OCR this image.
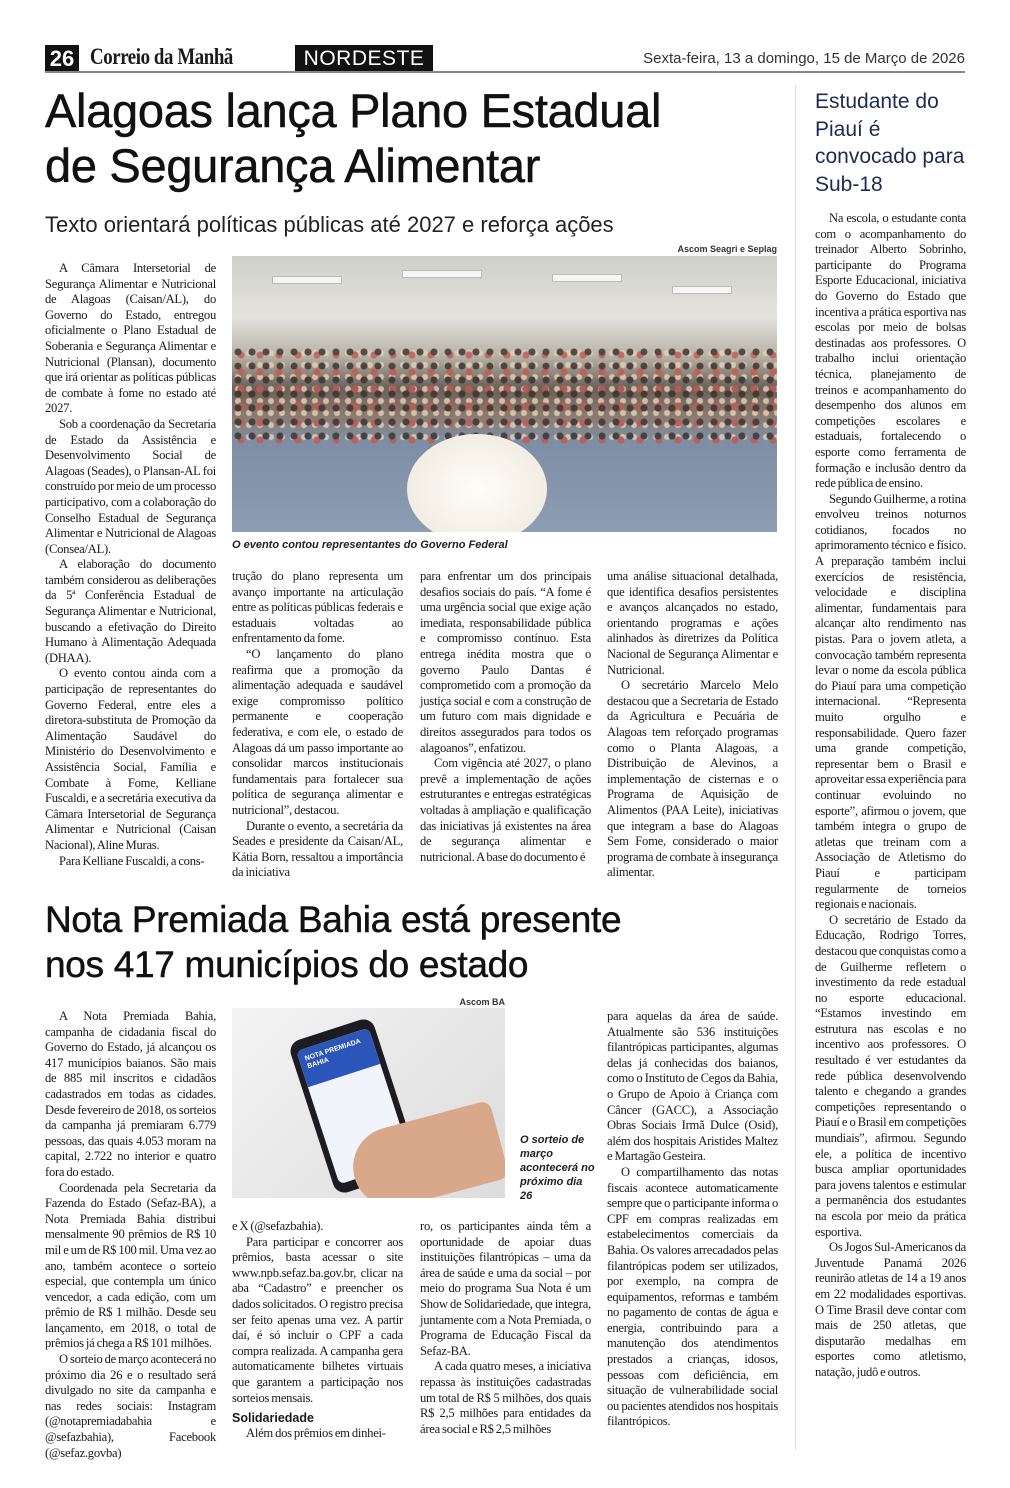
26 Correio da Manhã	NORDESTE	Sexta-feira, 13 a domingo, 15 de Março de 2026
Alagoas lança Plano Estadual
de Segurança Alimentar
Texto orientará políticas públicas até 2027 e reforça ações
Ascom Seagri e Seplag
O evento contou representantes do Governo Federal

A Câmara Intersetorial de Segurança Alimentar e Nutricional de Alagoas (Caisan/AL), do Governo do Estado, entregou oficialmente o Plano Estadual de Soberania e Segurança Alimentar e Nutricional (Plansan), documento que irá orientar as políticas públicas de combate à fome no estado até 2027.

Sob a coordenação da Secretaria de Estado da Assistência e Desenvolvimento Social de Alagoas (Seades), o Plansan-AL foi construído por meio de um processo participativo, com a colaboração do Conselho Estadual de Segurança Alimentar e Nutricional de Alagoas (Consea/AL).

A elaboração do documento também considerou as deliberações da 5ª Conferência Estadual de Segurança Alimentar e Nutricional, buscando a efetivação do Direito Humano à Alimentação Adequada (DHAA).

O evento contou ainda com a participação de representantes do Governo Federal, entre eles a diretora-substituta de Promoção da Alimentação Saudável do Ministério do Desenvolvimento e Assistência Social, Família e Combate à Fome, Kelliane Fuscaldi, e a secretária executiva da Câmara Intersetorial de Segurança Alimentar e Nutricional (Caisan Nacional), Aline Muras.

Para Kelliane Fuscaldi, a cons-

trução do plano representa um avanço importante na articulação entre as políticas públicas federais e estaduais voltadas ao enfrentamento da fome.

“O lançamento do plano reafirma que a promoção da alimentação adequada e saudável exige compromisso político permanente e cooperação federativa, e com ele, o estado de Alagoas dá um passo importante ao consolidar marcos institucionais fundamentais para fortalecer sua política de segurança alimentar e nutricional”, destacou.

Durante o evento, a secretária da Seades e presidente da Caisan/AL, Kátia Born, ressaltou a importância da iniciativa

para enfrentar um dos principais desafios sociais do país. “A fome é uma urgência social que exige ação imediata, responsabilidade pública e compromisso contínuo. Esta entrega inédita mostra que o governo Paulo Dantas é comprometido com a promoção da justiça social e com a construção de um futuro com mais dignidade e direitos assegurados para todos os alagoanos”, enfatizou.

Com vigência até 2027, o plano prevê a implementação de ações estruturantes e entregas estratégicas voltadas à ampliação e qualificação das iniciativas já existentes na área de segurança alimentar e nutricional. A base do documento é

uma análise situacional detalhada, que identifica desafios persistentes e avanços alcançados no estado, orientando programas e ações alinhados às diretrizes da Política Nacional de Segurança Alimentar e Nutricional.

O secretário Marcelo Melo destacou que a Secretaria de Estado da Agricultura e Pecuária de Alagoas tem reforçado programas como o Planta Alagoas, a Distribuição de Alevinos, a implementação de cisternas e o Programa de Aquisição de Alimentos (PAA Leite), iniciativas que integram a base do Alagoas Sem Fome, considerado o maior programa de combate à insegurança alimentar.

Estudante do Piauí é convocado para Sub-18

Na escola, o estudante conta com o acompanhamento do treinador Alberto Sobrinho, participante do Programa Esporte Educacional, iniciativa do Governo do Estado que incentiva a prática esportiva nas escolas por meio de bolsas destinadas aos professores. O trabalho inclui orientação técnica, planejamento de treinos e acompanhamento do desempenho dos alunos em competições escolares e estaduais, fortalecendo o esporte como ferramenta de formação e inclusão dentro da rede pública de ensino.

Segundo Guilherme, a rotina envolveu treinos noturnos cotidianos, focados no aprimoramento técnico e físico. A preparação também inclui exercícios de resistência, velocidade e disciplina alimentar, fundamentais para alcançar alto rendimento nas pistas. Para o jovem atleta, a convocação também representa levar o nome da escola pública do Piauí para uma competição internacional. “Representa muito orgulho e responsabilidade. Quero fazer uma grande competição, representar bem o Brasil e aproveitar essa experiência para continuar evoluindo no esporte”, afirmou o jovem, que também integra o grupo de atletas que treinam com a Associação de Atletismo do Piauí e participam regularmente de torneios regionais e nacionais.

O secretário de Estado da Educação, Rodrigo Torres, destacou que conquistas como a de Guilherme refletem o investimento da rede estadual no esporte educacional. “Estamos investindo em estrutura nas escolas e no incentivo aos professores. O resultado é ver estudantes da rede pública desenvolvendo talento e chegando a grandes competições representando o Piauí e o Brasil em competições mundiais”, afirmou. Segundo ele, a política de incentivo busca ampliar oportunidades para jovens talentos e estimular a permanência dos estudantes na escola por meio da prática esportiva.

Os Jogos Sul-Americanos da Juventude Panamá 2026 reunirão atletas de 14 a 19 anos em 22 modalidades esportivas. O Time Brasil deve contar com mais de 250 atletas, que disputarão medalhas em esportes como atletismo, natação, judô e outros.

Nota Premiada Bahia está presente
nos 417 municípios do estado
Ascom BA
NOTA PREMIADA BAHIA
O sorteio de março acontecerá no próximo dia 26

A Nota Premiada Bahia, campanha de cidadania fiscal do Governo do Estado, já alcançou os 417 municípios baianos. São mais de 885 mil inscritos e cidadãos cadastrados em todas as cidades. Desde fevereiro de 2018, os sorteios da campanha já premiaram 6.779 pessoas, das quais 4.053 moram na capital, 2.722 no interior e quatro fora do estado.

Coordenada pela Secretaria da Fazenda do Estado (Sefaz-BA), a Nota Premiada Bahia distribui mensalmente 90 prêmios de R$ 10 mil e um de R$ 100 mil. Uma vez ao ano, também acontece o sorteio especial, que contempla um único vencedor, a cada edição, com um prêmio de R$ 1 milhão. Desde seu lançamento, em 2018, o total de prêmios já chega a R$ 101 milhões.

O sorteio de março acontecerá no próximo dia 26 e o resultado será divulgado no site da campanha e nas redes sociais: Instagram (@notapremiadabahia e @sefazbahia), Facebook (@sefaz.govba)

e X (@sefazbahia).

Para participar e concorrer aos prêmios, basta acessar o site www.npb.sefaz.ba.gov.br, clicar na aba “Cadastro” e preencher os dados solicitados. O registro precisa ser feito apenas uma vez. A partir daí, é só incluir o CPF a cada compra realizada. A campanha gera automaticamente bilhetes virtuais que garantem a participação nos sorteios mensais.

Solidariedade

Além dos prêmios em dinhei-

ro, os participantes ainda têm a oportunidade de apoiar duas instituições filantrópicas – uma da área de saúde e uma da social – por meio do programa Sua Nota é um Show de Solidariedade, que integra, juntamente com a Nota Premiada, o Programa de Educação Fiscal da Sefaz-BA.

A cada quatro meses, a iniciativa repassa às instituições cadastradas um total de R$ 5 milhões, dos quais R$ 2,5 milhões para entidades da área social e R$ 2,5 milhões

para aquelas da área de saúde. Atualmente são 536 instituições filantrópicas participantes, algumas delas já conhecidas dos baianos, como o Instituto de Cegos da Bahia, o Grupo de Apoio à Criança com Câncer (GACC), a Associação Obras Sociais Irmã Dulce (Osid), além dos hospitais Aristides Maltez e Martagão Gesteira.

O compartilhamento das notas fiscais acontece automaticamente sempre que o participante informa o CPF em compras realizadas em estabelecimentos comerciais da Bahia. Os valores arrecadados pelas filantrópicas podem ser utilizados, por exemplo, na compra de equipamentos, reformas e também no pagamento de contas de água e energia, contribuindo para a manutenção dos atendimentos prestados a crianças, idosos, pessoas com deficiência, em situação de vulnerabilidade social ou pacientes atendidos nos hospitais filantrópicos.
